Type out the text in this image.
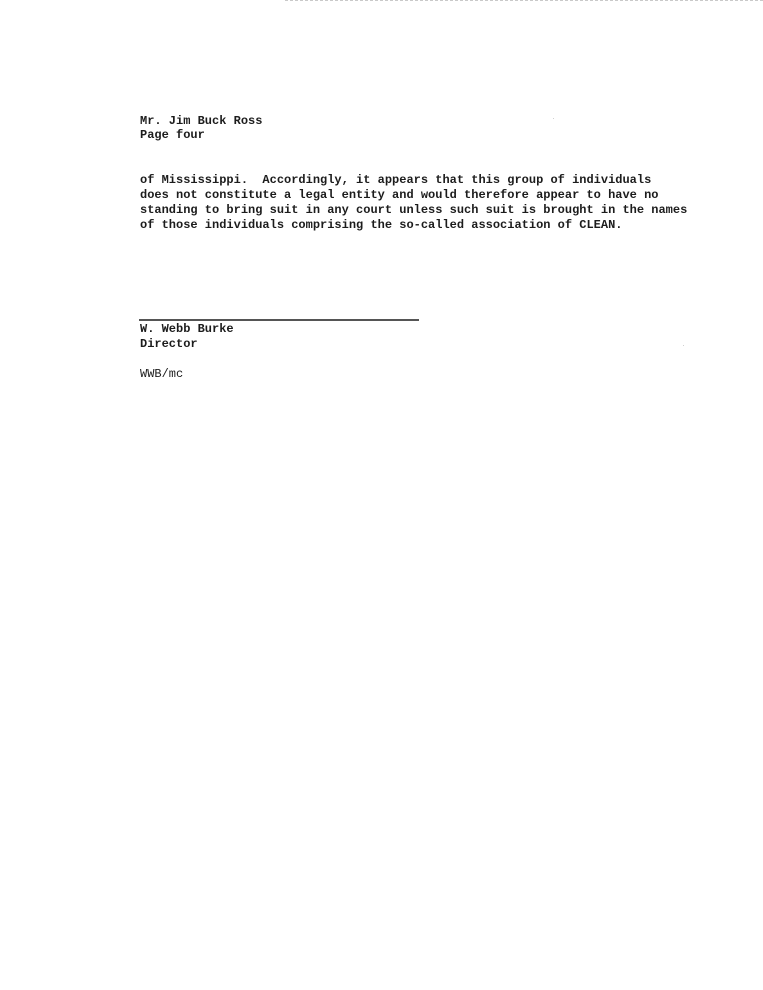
Mr. Jim Buck Ross
Page four
of Mississippi.  Accordingly, it appears that this group of individuals
does not constitute a legal entity and would therefore appear to have no
standing to bring suit in any court unless such suit is brought in the names
of those individuals comprising the so-called association of CLEAN.
W. Webb Burke
Director
WWB/mc
